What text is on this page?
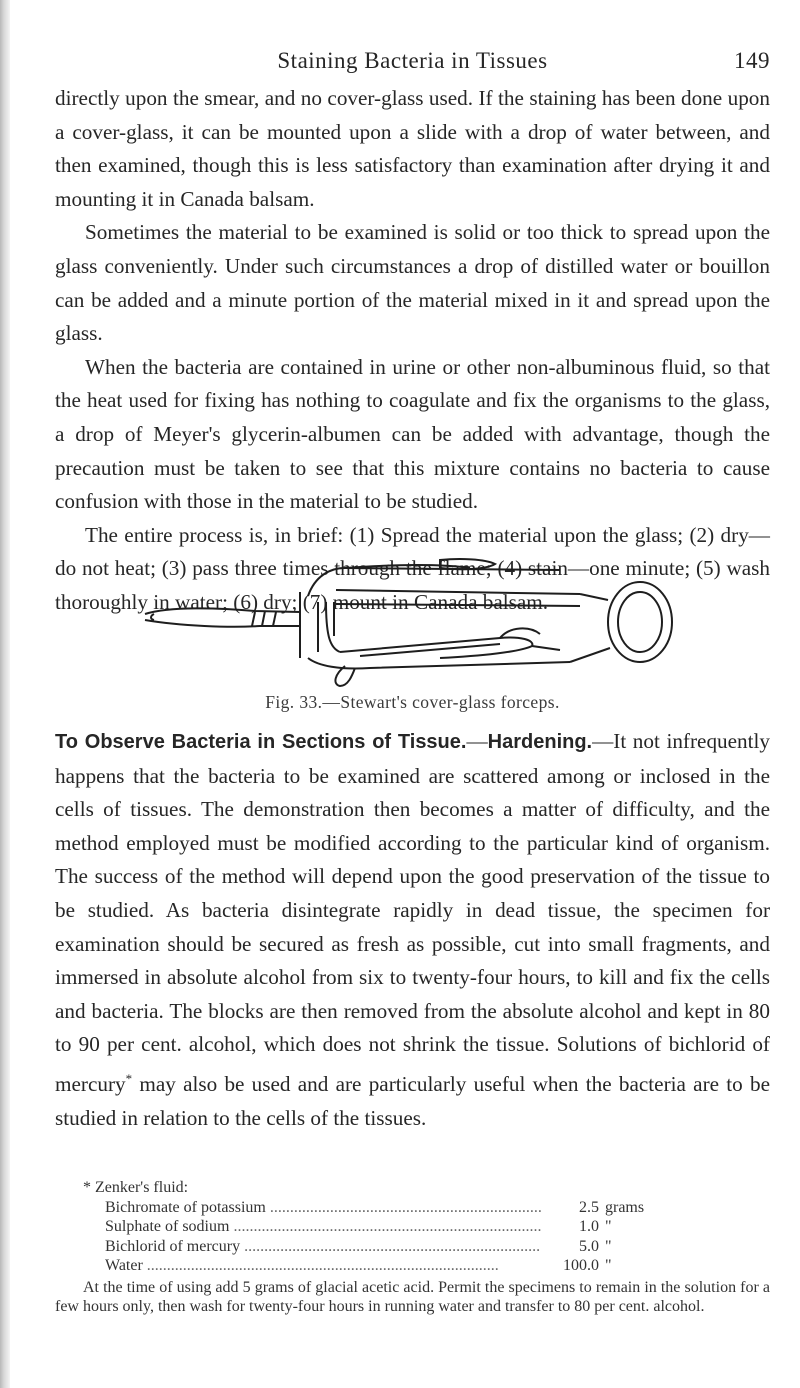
Staining Bacteria in Tissues	149

directly upon the smear, and no cover-glass used. If the staining has been done upon a cover-glass, it can be mounted upon a slide with a drop of water between, and then examined, though this is less satisfactory than examination after drying it and mounting it in Canada balsam.

Sometimes the material to be examined is solid or too thick to spread upon the glass conveniently. Under such circumstances a drop of distilled water or bouillon can be added and a minute portion of the material mixed in it and spread upon the glass.

When the bacteria are contained in urine or other non-albuminous fluid, so that the heat used for fixing has nothing to coagulate and fix the organisms to the glass, a drop of Meyer's glycerin-albumen can be added with advantage, though the precaution must be taken to see that this mixture contains no bacteria to cause confusion with those in the material to be studied.

The entire process is, in brief: (1) Spread the material upon the glass; (2) dry—do not heat; (3) pass three times through the flame; (4) stain—one minute; (5) wash thoroughly in water; (6) dry; (7) mount in Canada balsam.

Fig. 33.—Stewart's cover-glass forceps.

To Observe Bacteria in Sections of Tissue.—Hardening.—It not infrequently happens that the bacteria to be examined are scattered among or inclosed in the cells of tissues. The demonstration then becomes a matter of difficulty, and the method employed must be modified according to the particular kind of organism. The success of the method will depend upon the good preservation of the tissue to be studied. As bacteria disintegrate rapidly in dead tissue, the specimen for examination should be secured as fresh as possible, cut into small fragments, and immersed in absolute alcohol from six to twenty-four hours, to kill and fix the cells and bacteria. The blocks are then removed from the absolute alcohol and kept in 80 to 90 per cent. alcohol, which does not shrink the tissue. Solutions of bichlorid of mercury* may also be used and are particularly useful when the bacteria are to be studied in relation to the cells of the tissues.

* Zenker's fluid:
Bichromate of potassium .....	2.5 grams
Sulphate of sodium .....	1.0 "
Bichlorid of mercury .....	5.0 "
Water .....	100.0 "
At the time of using add 5 grams of glacial acetic acid. Permit the specimens to remain in the solution for a few hours only, then wash for twenty-four hours in running water and transfer to 80 per cent. alcohol.
